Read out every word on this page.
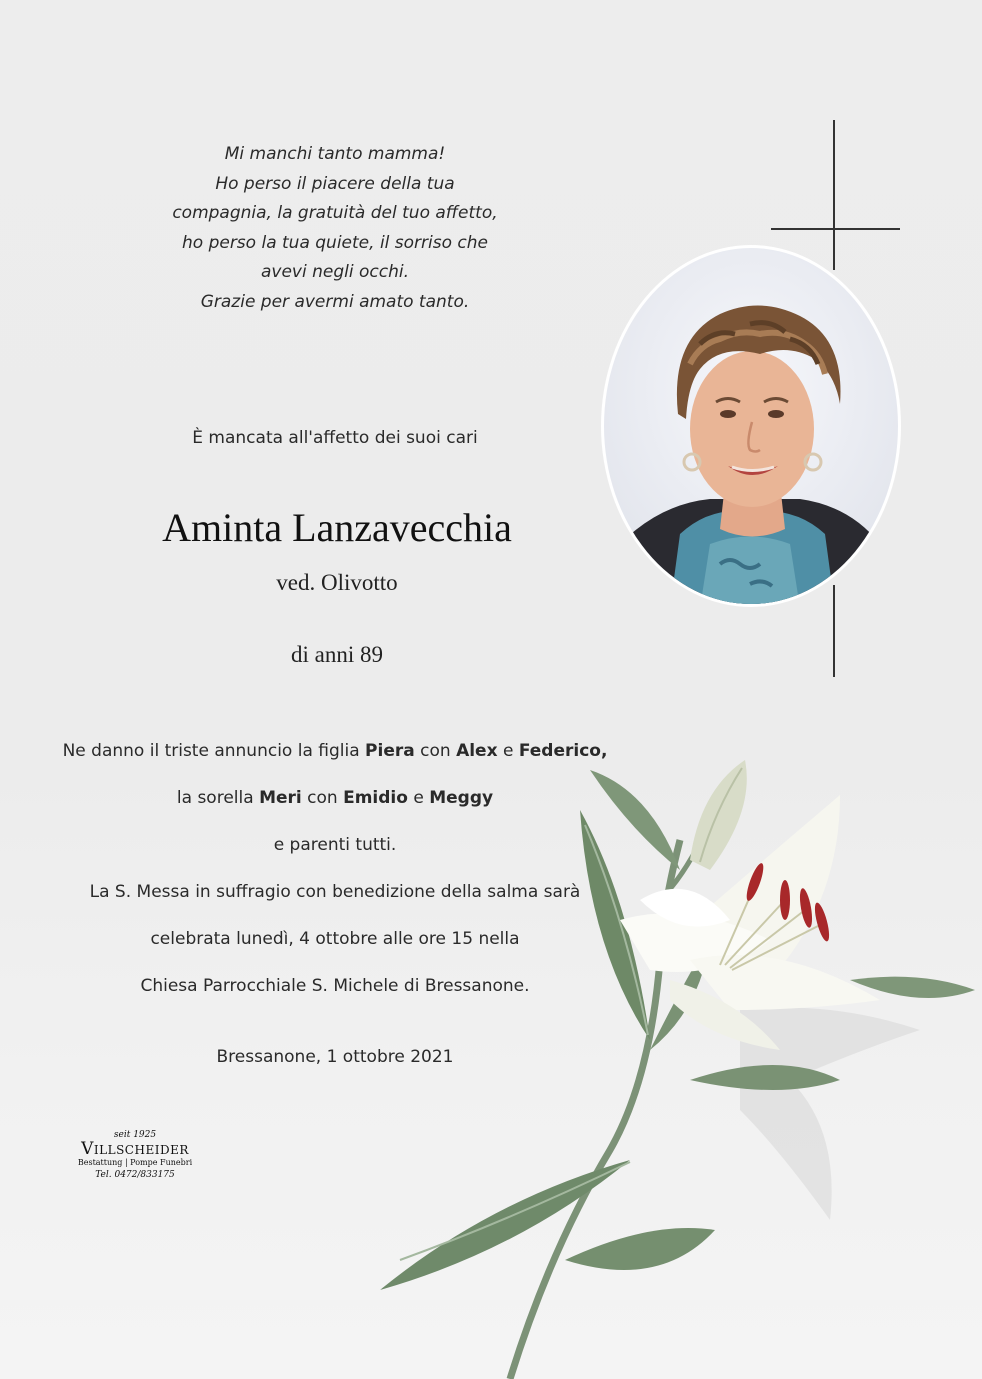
Mi manchi tanto mamma!
Ho perso il piacere della tua
compagnia, la gratuità del tuo affetto,
ho perso la tua quiete, il sorriso che
avevi negli occhi.
Grazie per avermi amato tanto.
È mancata all'affetto dei suoi cari
Aminta Lanzavecchia
ved. Olivotto
di anni 89
Ne danno il triste annuncio la figlia Piera con Alex e Federico,
la sorella Meri con Emidio e Meggy
e parenti tutti.
La S. Messa in suffragio con benedizione della salma sarà
celebrata lunedì, 4 ottobre alle ore 15 nella
Chiesa Parrocchiale S. Michele di Bressanone.
Bressanone, 1 ottobre 2021
seit 1925
Villscheider
Bestattung | Pompe Funebri
Tel. 0472/833175
